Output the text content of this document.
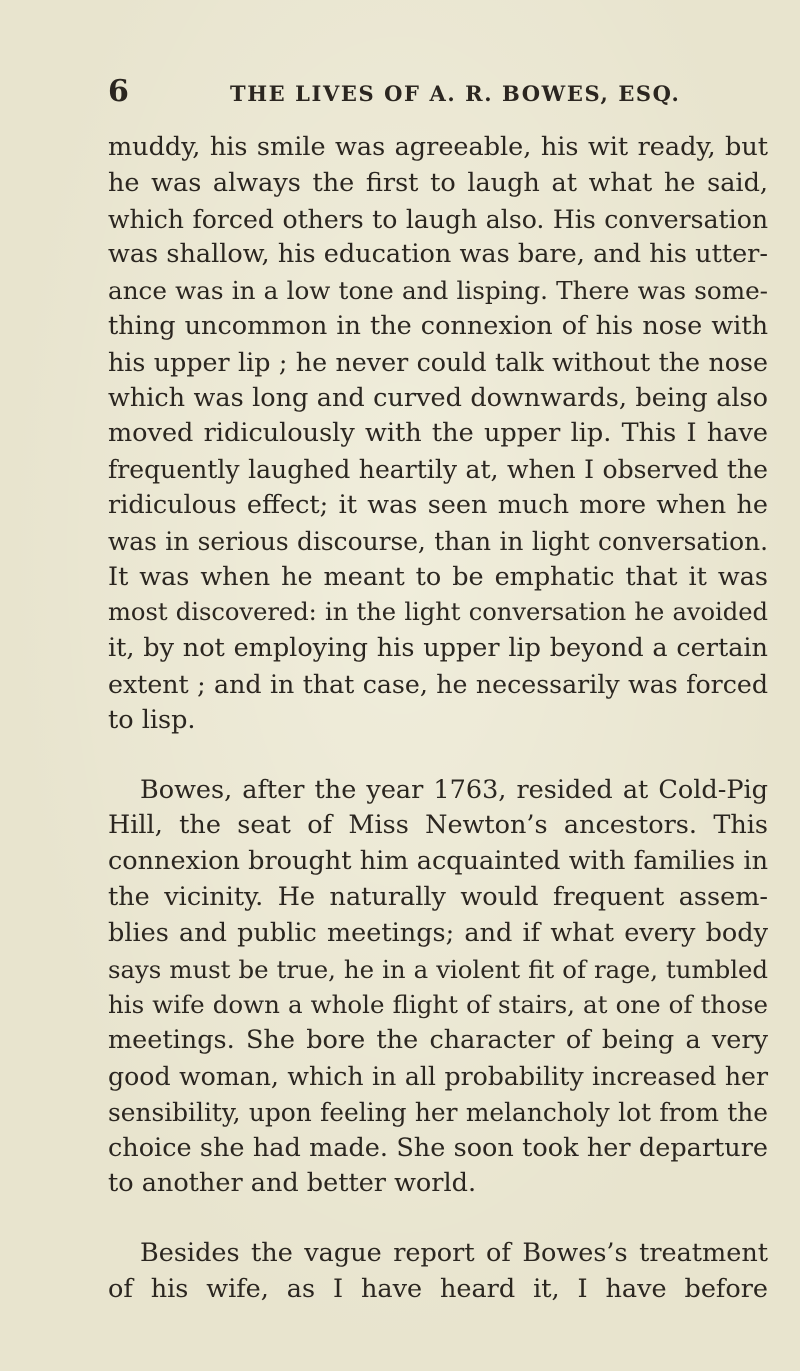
6	THE LIVES OF A. R. BOWES, ESQ.
muddy, his smile was agreeable, his wit ready, but
he was always the first to laugh at what he said,
which forced others to laugh also. His conversation
was shallow, his education was bare, and his utter-
ance was in a low tone and lisping. There was some-
thing uncommon in the connexion of his nose with
his upper lip ; he never could talk without the nose
which was long and curved downwards, being also
moved ridiculously with the upper lip. This I have
frequently laughed heartily at, when I observed the
ridiculous effect; it was seen much more when he
was in serious discourse, than in light conversation.
It was when he meant to be emphatic that it was
most discovered: in the light conversation he avoided
it, by not employing his upper lip beyond a certain
extent ; and in that case, he necessarily was forced
to lisp.
Bowes, after the year 1763, resided at Cold-Pig
Hill, the seat of Miss Newton’s ancestors. This
connexion brought him acquainted with families in
the vicinity. He naturally would frequent assem-
blies and public meetings; and if what every body
says must be true, he in a violent fit of rage, tumbled
his wife down a whole flight of stairs, at one of those
meetings. She bore the character of being a very
good woman, which in all probability increased her
sensibility, upon feeling her melancholy lot from the
choice she had made. She soon took her departure
to another and better world.
Besides the vague report of Bowes’s treatment
of his wife, as I have heard it, I have before
